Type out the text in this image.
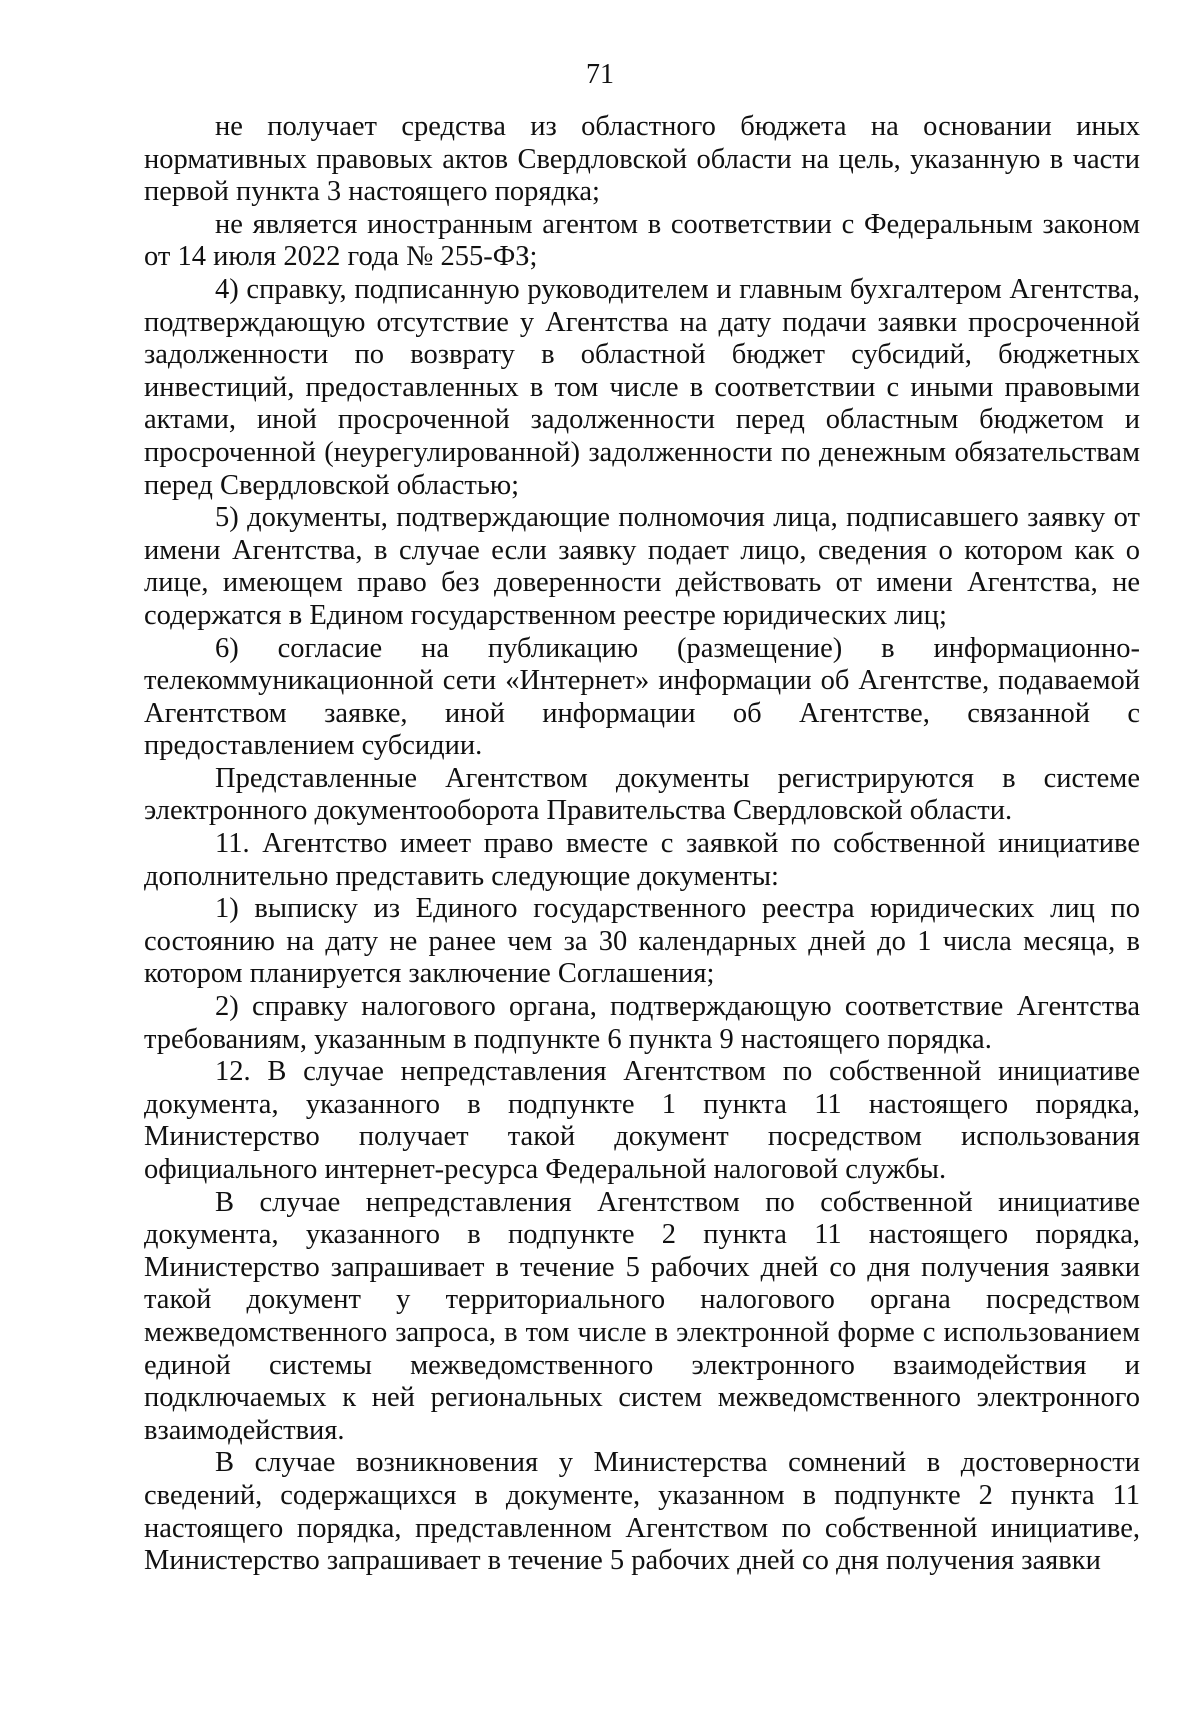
71

не получает средства из областного бюджета на основании иных нормативных правовых актов Свердловской области на цель, указанную в части первой пункта 3 настоящего порядка;

не является иностранным агентом в соответствии с Федеральным законом от 14 июля 2022 года № 255-ФЗ;

4) справку, подписанную руководителем и главным бухгалтером Агентства, подтверждающую отсутствие у Агентства на дату подачи заявки просроченной задолженности по возврату в областной бюджет субсидий, бюджетных инвестиций, предоставленных в том числе в соответствии с иными правовыми актами, иной просроченной задолженности перед областным бюджетом и просроченной (неурегулированной) задолженности по денежным обязательствам перед Свердловской областью;

5) документы, подтверждающие полномочия лица, подписавшего заявку от имени Агентства, в случае если заявку подает лицо, сведения о котором как о лице, имеющем право без доверенности действовать от имени Агентства, не содержатся в Едином государственном реестре юридических лиц;

6) согласие на публикацию (размещение) в информационно-телекоммуникационной сети «Интернет» информации об Агентстве, подаваемой Агентством заявке, иной информации об Агентстве, связанной с предоставлением субсидии.

Представленные Агентством документы регистрируются в системе электронного документооборота Правительства Свердловской области.

11. Агентство имеет право вместе с заявкой по собственной инициативе дополнительно представить следующие документы:

1) выписку из Единого государственного реестра юридических лиц по состоянию на дату не ранее чем за 30 календарных дней до 1 числа месяца, в котором планируется заключение Соглашения;

2) справку налогового органа, подтверждающую соответствие Агентства требованиям, указанным в подпункте 6 пункта 9 настоящего порядка.

12. В случае непредставления Агентством по собственной инициативе документа, указанного в подпункте 1 пункта 11 настоящего порядка, Министерство получает такой документ посредством использования официального интернет-ресурса Федеральной налоговой службы.

В случае непредставления Агентством по собственной инициативе документа, указанного в подпункте 2 пункта 11 настоящего порядка, Министерство запрашивает в течение 5 рабочих дней со дня получения заявки такой документ у территориального налогового органа посредством межведомственного запроса, в том числе в электронной форме с использованием единой системы межведомственного электронного взаимодействия и подключаемых к ней региональных систем межведомственного электронного взаимодействия.

В случае возникновения у Министерства сомнений в достоверности сведений, содержащихся в документе, указанном в подпункте 2 пункта 11 настоящего порядка, представленном Агентством по собственной инициативе, Министерство запрашивает в течение 5 рабочих дней со дня получения заявки
